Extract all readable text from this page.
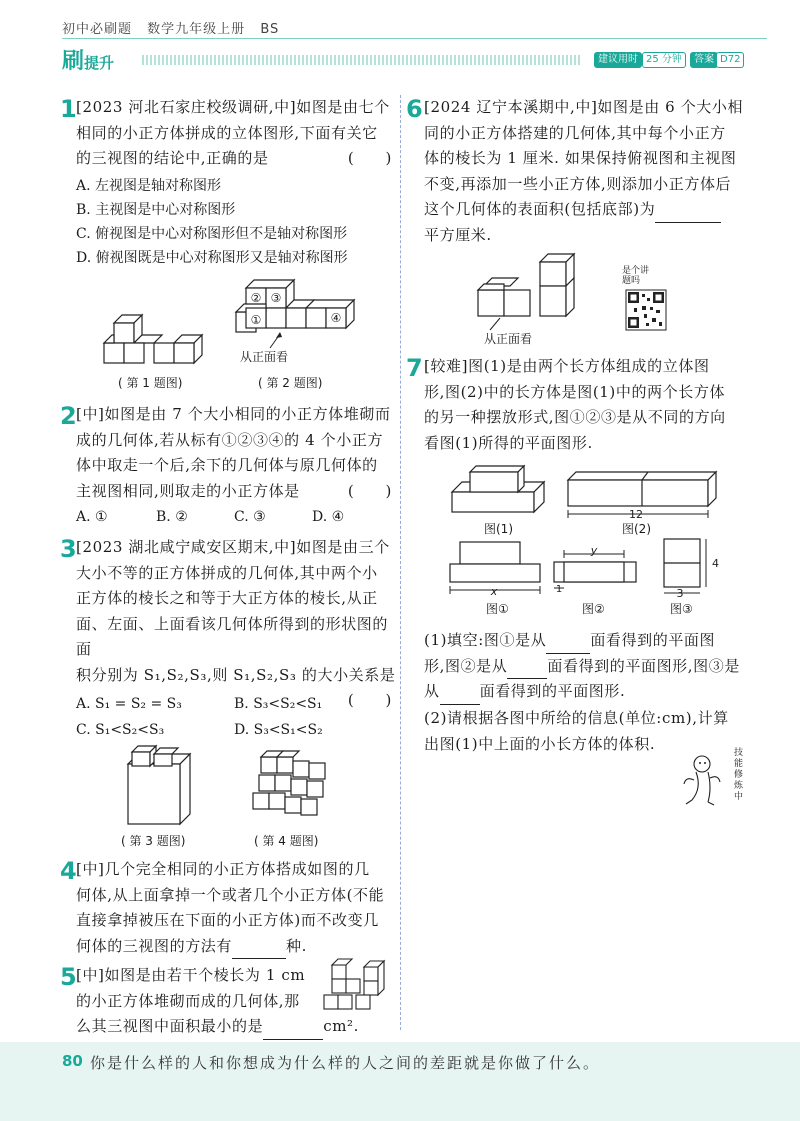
初中必刷题 数学九年级上册 BS
刷提升	建议用时 25 分钟	答案 D72
1 [2023 河北石家庄校级调研,中]如图是由七个
相同的小正方体拼成的立体图形,下面有关它
的三视图的结论中,正确的是	(　　)
A. 左视图是轴对称图形
B. 主视图是中心对称图形
C. 俯视图是中心对称图形但不是轴对称图形
D. 俯视图既是中心对称图形又是轴对称图形
( 第 1 题图)
② ③
①	④
从正面看
( 第 2 题图)
2 [中]如图是由 7 个大小相同的小正方体堆砌而
成的几何体,若从标有①②③④的 4 个小正方
体中取走一个后,余下的几何体与原几何体的
主视图相同,则取走的小正方体是	(　　)
A. ①	B. ②	C. ③	D. ④
3 [2023 湖北咸宁咸安区期末,中]如图是由三个
大小不等的正方体拼成的几何体,其中两个小
正方体的棱长之和等于大正方体的棱长,从正
面、左面、上面看该几何体所得到的形状图的面
积分别为 S₁,S₂,S₃,则 S₁,S₂,S₃ 的大小关系是
(　　)
A. S₁ = S₂ = S₃	B. S₃<S₂<S₁
C. S₁<S₂<S₃	D. S₃<S₁<S₂
( 第 3 题图)	( 第 4 题图)
4 [中]几个完全相同的小正方体搭成如图的几
何体,从上面拿掉一个或者几个小正方体(不能
直接拿掉被压在下面的小正方体)而不改变几
何体的三视图的方法有	种.
5 [中]如图是由若干个棱长为 1 cm
的小正方体堆砌而成的几何体,那
么其三视图中面积最小的是	cm².
6 [2024 辽宁本溪期中,中]如图是由 6 个大小相
同的小正方体搭建的几何体,其中每个小正方
体的棱长为 1 厘米. 如果保持俯视图和主视图
不变,再添加一些小正方体,则添加小正方体后
这个几何体的表面积(包括底部)为
平方厘米.
从正面看
是个讲题吗
7 [较难]图(1)是由两个长方体组成的立体图
形,图(2)中的长方体是图(1)中的两个长方体
的另一种摆放形式,图①②③是从不同的方向
看图(1)所得的平面图形.
图(1)
12
图(2)
x
图①
y
1
图②
4
3
图③
(1)填空:图①是从	面看得到的平面图
形,图②是从	面看得到的平面图形,图③是
从	面看得到的平面图形.
(2)请根据各图中所给的信息(单位:cm),计算
出图(1)中上面的小长方体的体积.
技能修炼中
80 你是什么样的人和你想成为什么样的人之间的差距就是你做了什么。
